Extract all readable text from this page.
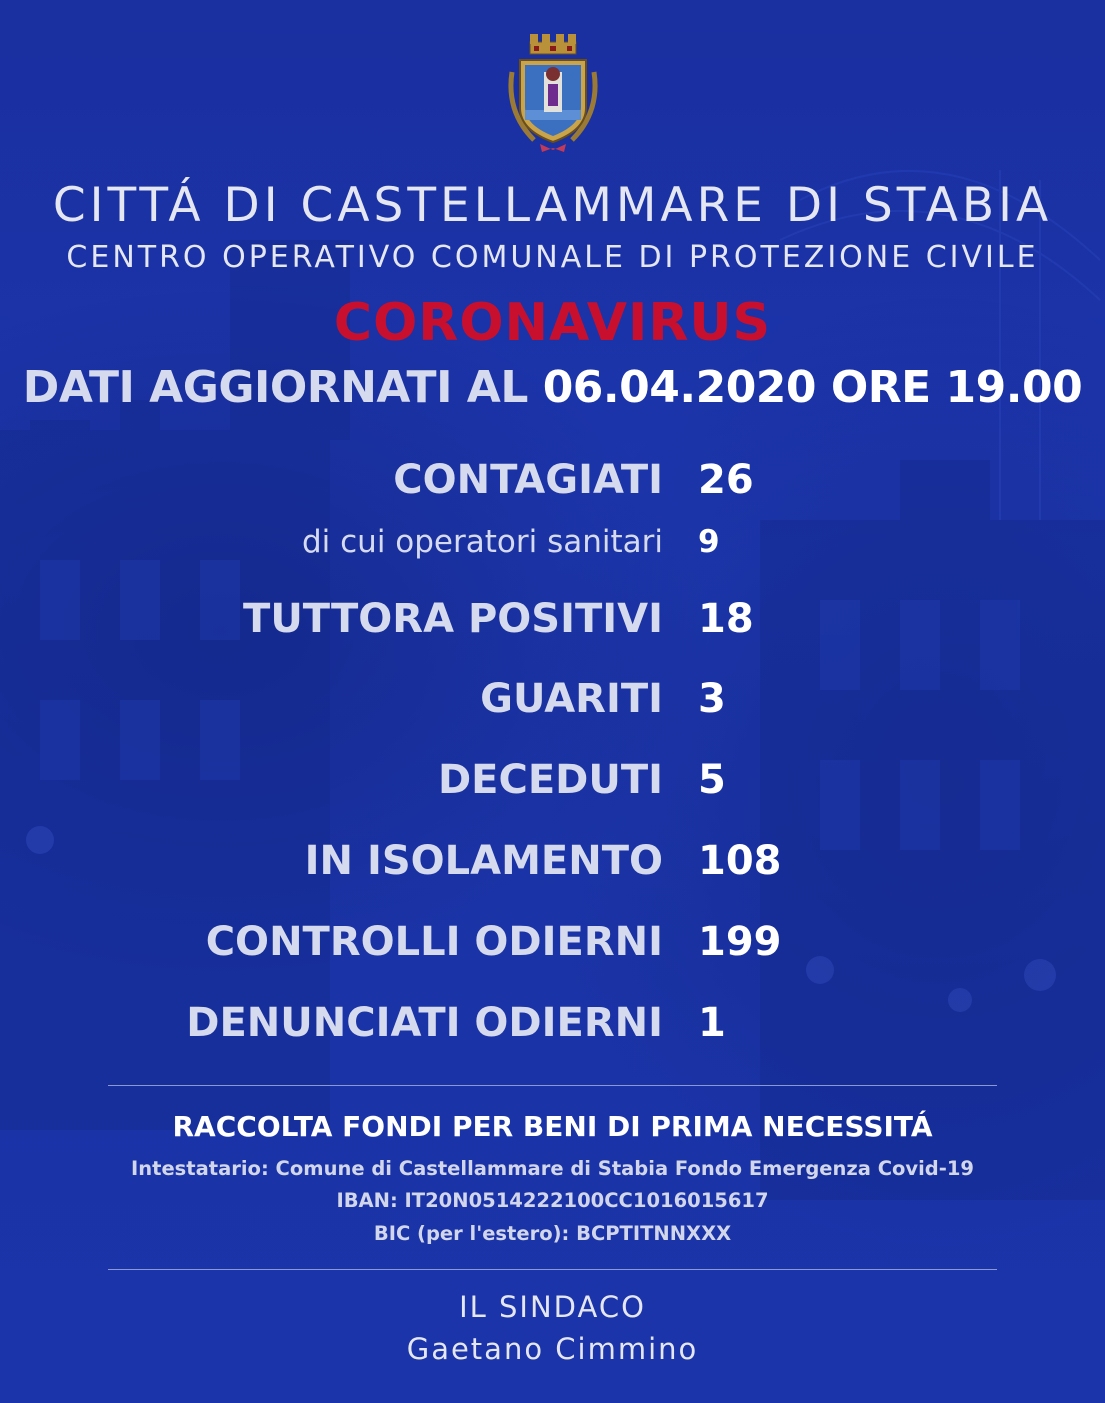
CITTÁ DI CASTELLAMMARE DI STABIA
CENTRO OPERATIVO COMUNALE DI PROTEZIONE CIVILE
CORONAVIRUS
DATI AGGIORNATI AL 06.04.2020 ORE 19.00
CONTAGIATI 26
di cui operatori sanitari 9
TUTTORA POSITIVI 18
GUARITI 3
DECEDUTI 5
IN ISOLAMENTO 108
CONTROLLI ODIERNI 199
DENUNCIATI ODIERNI 1
RACCOLTA FONDI PER BENI DI PRIMA NECESSITÁ
Intestatario: Comune di Castellammare di Stabia Fondo Emergenza Covid-19
IBAN: IT20N0514222100CC1016015617
BIC (per l'estero): BCPTITNNXXX
IL SINDACO
Gaetano Cimmino
